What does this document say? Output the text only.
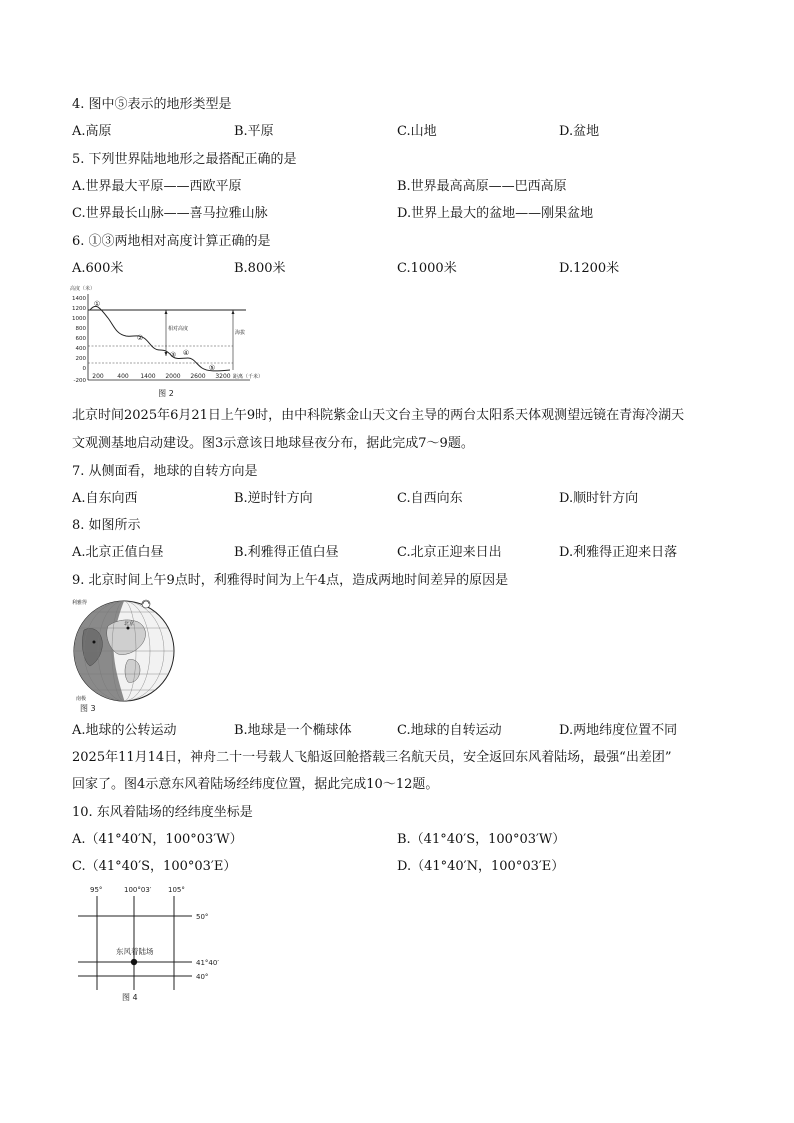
4. 图中⑤表示的地形类型是
A.高原	B.平原	C.山地	D.盆地
5. 下列世界陆地地形之最搭配正确的是
A.世界最大平原——西欧平原	B.世界最高高原——巴西高原
C.世界最长山脉——喜马拉雅山脉	D.世界上最大的盆地——刚果盆地
6. ①③两地相对高度计算正确的是
A.600米	B.800米	C.1000米	D.1200米
高度（米）
1400
1200
1000
800
600
400
200
0
-200
200 400 1400 2000 2600 3200 距离（千米）
相对高度
海拔
①
②
③ ④
⑤
图 2
北京时间2025年6月21日上午9时，由中科院紫金山天文台主导的两台太阳系天体观测望远镜在青海冷湖天
文观测基地启动建设。图3示意该日地球昼夜分布，据此完成7～9题。
7. 从侧面看，地球的自转方向是
A.自东向西	B.逆时针方向	C.自西向东	D.顺时针方向
8. 如图所示
A.北京正值白昼	B.利雅得正值白昼	C.北京正迎来日出	D.利雅得正迎来日落
9. 北京时间上午9点时，利雅得时间为上午4点，造成两地时间差异的原因是
利雅得
北京
南极
图 3
A.地球的公转运动	B.地球是一个椭球体	C.地球的自转运动	D.两地纬度位置不同
2025年11月14日，神舟二十一号载人飞船返回舱搭载三名航天员，安全返回东风着陆场，最强“出差团”
回家了。图4示意东风着陆场经纬度位置，据此完成10～12题。
10. 东风着陆场的经纬度坐标是
A.（41°40′N，100°03′W）	B.（41°40′S，100°03′W）
C.（41°40′S，100°03′E）	D.（41°40′N，100°03′E）
95°	100°03′ 105°
50°
41°40′
40°
东风着陆场
图 4
